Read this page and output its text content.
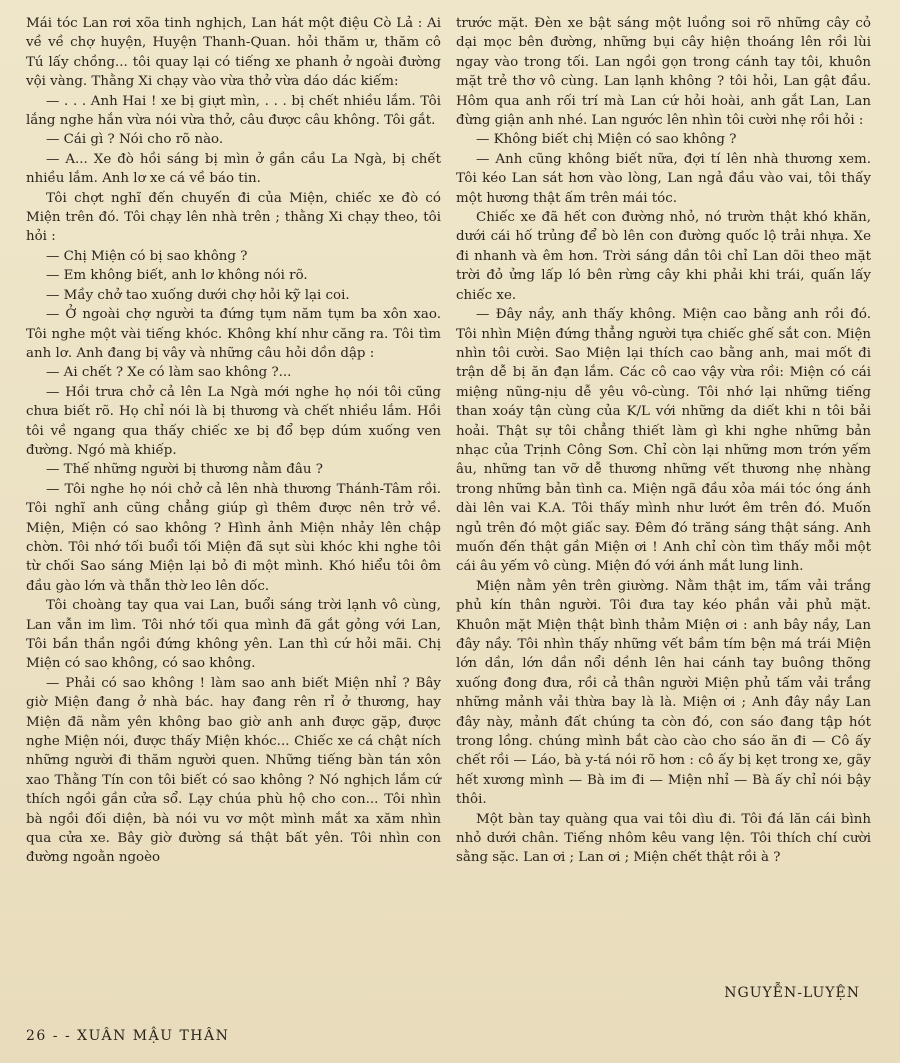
Mái tóc Lan rơi xõa tinh nghịch, Lan hát một điệu Cò Lả : Ai về về chợ huyện, Huyện Thanh-Quan. hỏi thăm ư, thăm cô Tú lấy chồng... tôi quay lại có tiếng xe phanh ở ngoài đường vội vàng. Thằng Xi chạy vào vừa thở vừa dáo dác kiếm:

— . . . Anh Hai ! xe bị giựt mìn, . . . bị chết nhiều lắm. Tôi lắng nghe hắn vừa nói vừa thở, câu được câu không. Tôi gắt.

— Cái gì ? Nói cho rõ nào.

— A... Xe đò hồi sáng bị mìn ở gần cầu La Ngà, bị chết nhiều lắm. Anh lơ xe cá về báo tin.

Tôi chợt nghĩ đến chuyến đi của Miện, chiếc xe đò có Miện trên đó. Tôi chạy lên nhà trên ; thằng Xi chạy theo, tôi hỏi :

— Chị Miện có bị sao không ?

— Em không biết, anh lơ không nói rõ.

— Mầy chở tao xuống dưới chợ hỏi kỹ lại coi.

— Ở ngoài chợ người ta đứng tụm năm tụm ba xôn xao. Tôi nghe một vài tiếng khóc. Không khí như căng ra. Tôi tìm anh lơ. Anh đang bị vây và những câu hỏi dồn dập :

— Ai chết ? Xe có làm sao không ?...

— Hồi trưa chở cả lên La Ngà mới nghe họ nói tôi cũng chưa biết rõ. Họ chỉ nói là bị thương và chết nhiều lắm. Hồi tôi về ngang qua thấy chiếc xe bị đổ bẹp dúm xuống ven đường. Ngó mà khiếp.

— Thế những người bị thương nằm đâu ?

— Tôi nghe họ nói chở cả lên nhà thương Thánh-Tâm rồi. Tôi nghĩ anh cũng chẳng giúp gì thêm được nên trở về. Miện, Miện có sao không ? Hình ảnh Miện nhảy lên chập chờn. Tôi nhớ tối buổi tối Miện đã sụt sùi khóc khi nghe tôi từ chối Sao sáng Miện lại bỏ đi một mình. Khó hiểu tôi ôm đầu gào lớn và thẫn thờ leo lên dốc.

Tôi choàng tay qua vai Lan, buổi sáng trời lạnh vô cùng, Lan vẫn im lìm. Tôi nhớ tối qua mình đã gắt gỏng với Lan, Tôi bần thần ngồi đứng không yên. Lan thì cứ hỏi mãi. Chị Miện có sao không, có sao không.

— Phải có sao không ! làm sao anh biết Miện nhỉ ? Bây giờ Miện đang ở nhà bác. hay đang rên rỉ ở thương, hay Miện đã nằm yên không bao giờ anh anh được gặp, được nghe Miện nói, được thấy Miện khóc... Chiếc xe cá chật ních những người đi thăm người quen. Những tiếng bàn tán xôn xao Thằng Tín con tôi biết có sao không ? Nó nghịch lắm cứ thích ngồi gần cửa sổ. Lạy chúa phù hộ cho con... Tôi nhìn bà ngồi đối diện, bà nói vu vơ một mình mắt xa xăm nhìn qua cửa xe. Bây giờ đường sá thật bất yên. Tôi nhìn con đường ngoằn ngoèo

trước mặt. Đèn xe bật sáng một luồng soi rõ những cây cỏ dại mọc bên đường, những bụi cây hiện thoáng lên rồi lùi ngay vào trong tối. Lan ngồi gọn trong cánh tay tôi, khuôn mặt trẻ thơ vô cùng. Lan lạnh không ? tôi hỏi, Lan gật đầu. Hôm qua anh rối trí mà Lan cứ hỏi hoài, anh gắt Lan, Lan đừng giận anh nhé. Lan ngước lên nhìn tôi cười nhẹ rồi hỏi :

— Không biết chị Miện có sao không ?

— Anh cũng không biết nữa, đợi tí lên nhà thương xem. Tôi kéo Lan sát hơn vào lòng, Lan ngả đầu vào vai, tôi thấy một hương thật ấm trên mái tóc.

Chiếc xe đã hết con đường nhỏ, nó trườn thật khó khăn, dưới cái hố trủng để bò lên con đường quốc lộ trải nhựa. Xe đi nhanh và êm hơn. Trời sáng dần tôi chỉ Lan dõi theo mặt trời đỏ ửng lấp ló bên rừng cây khi phải khi trái, quấn lấy chiếc xe.

— Đây nầy, anh thấy không. Miện cao bằng anh rồi đó. Tôi nhìn Miện đứng thẳng người tựa chiếc ghế sắt con. Miện nhìn tôi cười. Sao Miện lại thích cao bằng anh, mai mốt đi trận dễ bị ăn đạn lắm. Các cô cao vậy vừa rồi: Miện có cái miệng nũng-nịu dễ yêu vô-cùng. Tôi nhớ lại những tiếng than xoáy tận cùng của K/L với những da diết khi n tôi bải hoải. Thật sự tôi chẳng thiết làm gì khi nghe những bản nhạc của Trịnh Công Sơn. Chỉ còn lại những mơn trớn yếm âu, những tan vỡ dễ thương những vết thương nhẹ nhàng trong những bản tình ca. Miện ngã đầu xỏa mái tóc óng ánh dài lên vai K.A. Tôi thấy mình như lướt êm trên đó. Muốn ngủ trên đó một giấc say. Đêm đó trăng sáng thật sáng. Anh muốn đến thật gần Miện ơi ! Anh chỉ còn tìm thấy mỗi một cái âu yếm vô cùng. Miện đó với ánh mắt lung linh.

Miện nằm yên trên giường. Nằm thật im, tấm vải trắng phủ kín thân người. Tôi đưa tay kéo phần vải phủ mặt. Khuôn mặt Miện thật bình thảm Miện ơi : anh bây nầy, Lan đây nầy. Tôi nhìn thấy những vết bầm tím bện má trái Miện lớn dần, lớn dần nổi dềnh lên hai cánh tay buông thõng xuống đong đưa, rồi cả thân người Miện phủ tấm vải trắng những mảnh vải thừa bay là là. Miện ơi ; Anh đây nầy Lan đây này, mảnh đất chúng ta còn đó, con sáo đang tập hót trong lồng. chúng mình bắt cào cào cho sáo ăn đi — Cô ấy chết rồi — Láo, bà y-tá nói rõ hơn : cô ấy bị kẹt trong xe, gãy hết xương mình — Bà im đi — Miện nhỉ — Bà ấy chỉ nói bậy thôi.

Một bàn tay quàng qua vai tôi dìu đi. Tôi đá lăn cái bình nhỏ dưới chân. Tiếng nhôm kêu vang lện. Tôi thích chí cười sằng sặc. Lan ơi ; Lan ơi ; Miện chết thật rồi à ?

NGUYỄN-LUYỆN
26 - - XUÂN MẬU THÂN
